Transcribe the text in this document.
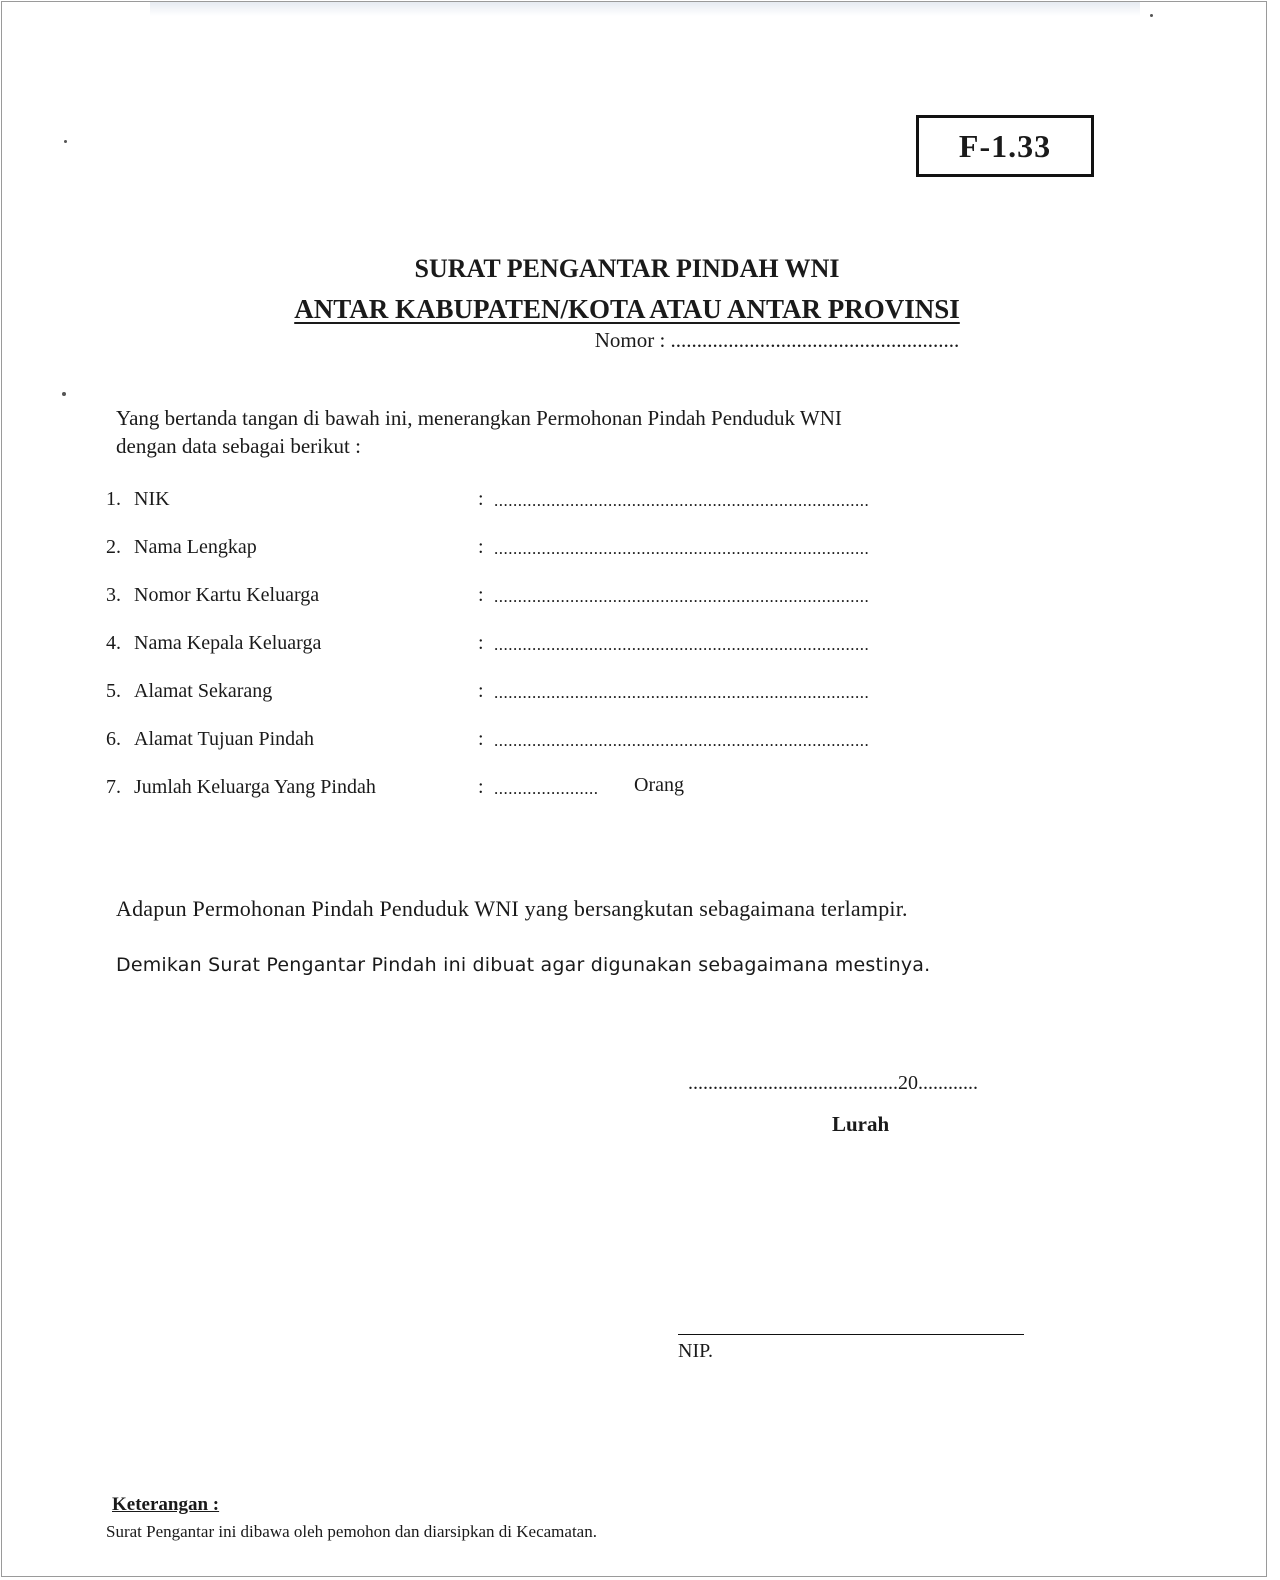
F-1.33
SURAT PENGANTAR PINDAH WNI
ANTAR KABUPATEN/KOTA ATAU ANTAR PROVINSI
Nomor : .......................................................
Yang bertanda tangan di bawah ini, menerangkan Permohonan Pindah Penduduk WNI
dengan data sebagai berikut :
1. NIK	: ...............................................................................
2. Nama Lengkap	: ...............................................................................
3. Nomor Kartu Keluarga	: ...............................................................................
4. Nama Kepala Keluarga	: ...............................................................................
5. Alamat Sekarang	: ...............................................................................
6. Alamat Tujuan Pindah	: ...............................................................................
7. Jumlah Keluarga Yang Pindah	: ......................	Orang
Adapun Permohonan Pindah Penduduk WNI yang bersangkutan sebagaimana terlampir.
Demikan Surat Pengantar Pindah ini dibuat agar digunakan sebagaimana mestinya.
..........................................20............
Lurah
NIP.
Keterangan :
Surat Pengantar ini dibawa oleh pemohon dan diarsipkan di Kecamatan.
